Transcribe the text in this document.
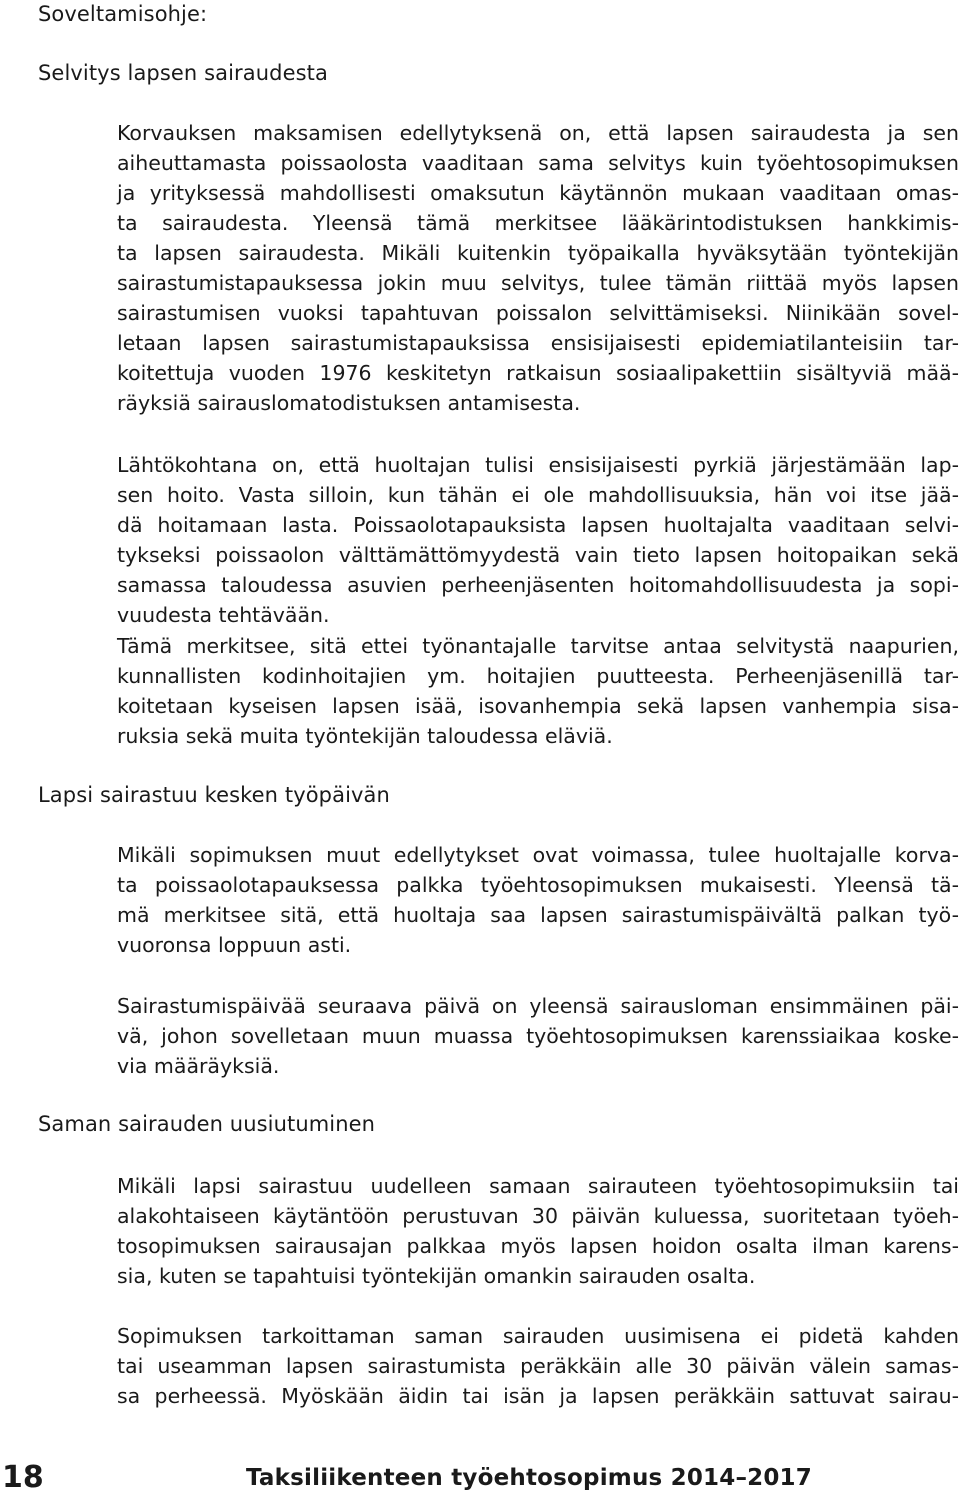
Soveltamisohje:
Selvitys lapsen sairaudesta
Korvauksen maksamisen edellytyksenä on, että lapsen sairaudesta ja sen
aiheuttamasta poissaolosta vaaditaan sama selvitys kuin työehtosopimuksen
ja yrityksessä mahdollisesti omaksutun käytännön mukaan vaaditaan omas-
ta sairaudesta. Yleensä tämä merkitsee lääkärintodistuksen hankkimis-
ta lapsen sairaudesta. Mikäli kuitenkin työpaikalla hyväksytään työntekijän
sairastumistapauksessa jokin muu selvitys, tulee tämän riittää myös lapsen
sairastumisen vuoksi tapahtuvan poissalon selvittämiseksi. Niinikään sovel-
letaan lapsen sairastumistapauksissa ensisijaisesti epidemiatilanteisiin tar-
koitettuja vuoden 1976 keskitetyn ratkaisun sosiaalipakettiin sisältyviä mää-
räyksiä sairauslomatodistuksen antamisesta.
Lähtökohtana on, että huoltajan tulisi ensisijaisesti pyrkiä järjestämään lap-
sen hoito. Vasta silloin, kun tähän ei ole mahdollisuuksia, hän voi itse jää-
dä hoitamaan lasta. Poissaolotapauksista lapsen huoltajalta vaaditaan selvi-
tykseksi poissaolon välttämättömyydestä vain tieto lapsen hoitopaikan sekä
samassa taloudessa asuvien perheenjäsenten hoitomahdollisuudesta ja sopi-
vuudesta tehtävään.
Tämä merkitsee, sitä ettei työnantajalle tarvitse antaa selvitystä naapurien,
kunnallisten kodinhoitajien ym. hoitajien puutteesta. Perheenjäsenillä tar-
koitetaan kyseisen lapsen isää, isovanhempia sekä lapsen vanhempia sisa-
ruksia sekä muita työntekijän taloudessa eläviä.
Lapsi sairastuu kesken työpäivän
Mikäli sopimuksen muut edellytykset ovat voimassa, tulee huoltajalle korva-
ta poissaolotapauksessa palkka työehtosopimuksen mukaisesti. Yleensä tä-
mä merkitsee sitä, että huoltaja saa lapsen sairastumispäivältä palkan työ-
vuoronsa loppuun asti.
Sairastumispäivää seuraava päivä on yleensä sairausloman ensimmäinen päi-
vä, johon sovelletaan muun muassa työehtosopimuksen karenssiaikaa koske-
via määräyksiä.
Saman sairauden uusiutuminen
Mikäli lapsi sairastuu uudelleen samaan sairauteen työehtosopimuksiin tai
alakohtaiseen käytäntöön perustuvan 30 päivän kuluessa, suoritetaan työeh-
tosopimuksen sairausajan palkkaa myös lapsen hoidon osalta ilman karens-
sia, kuten se tapahtuisi työntekijän omankin sairauden osalta.
Sopimuksen tarkoittaman saman sairauden uusimisena ei pidetä kahden
tai useamman lapsen sairastumista peräkkäin alle 30 päivän välein samas-
sa perheessä. Myöskään äidin tai isän ja lapsen peräkkäin sattuvat sairau-
18	Taksiliikenteen työehtosopimus 2014–2017
